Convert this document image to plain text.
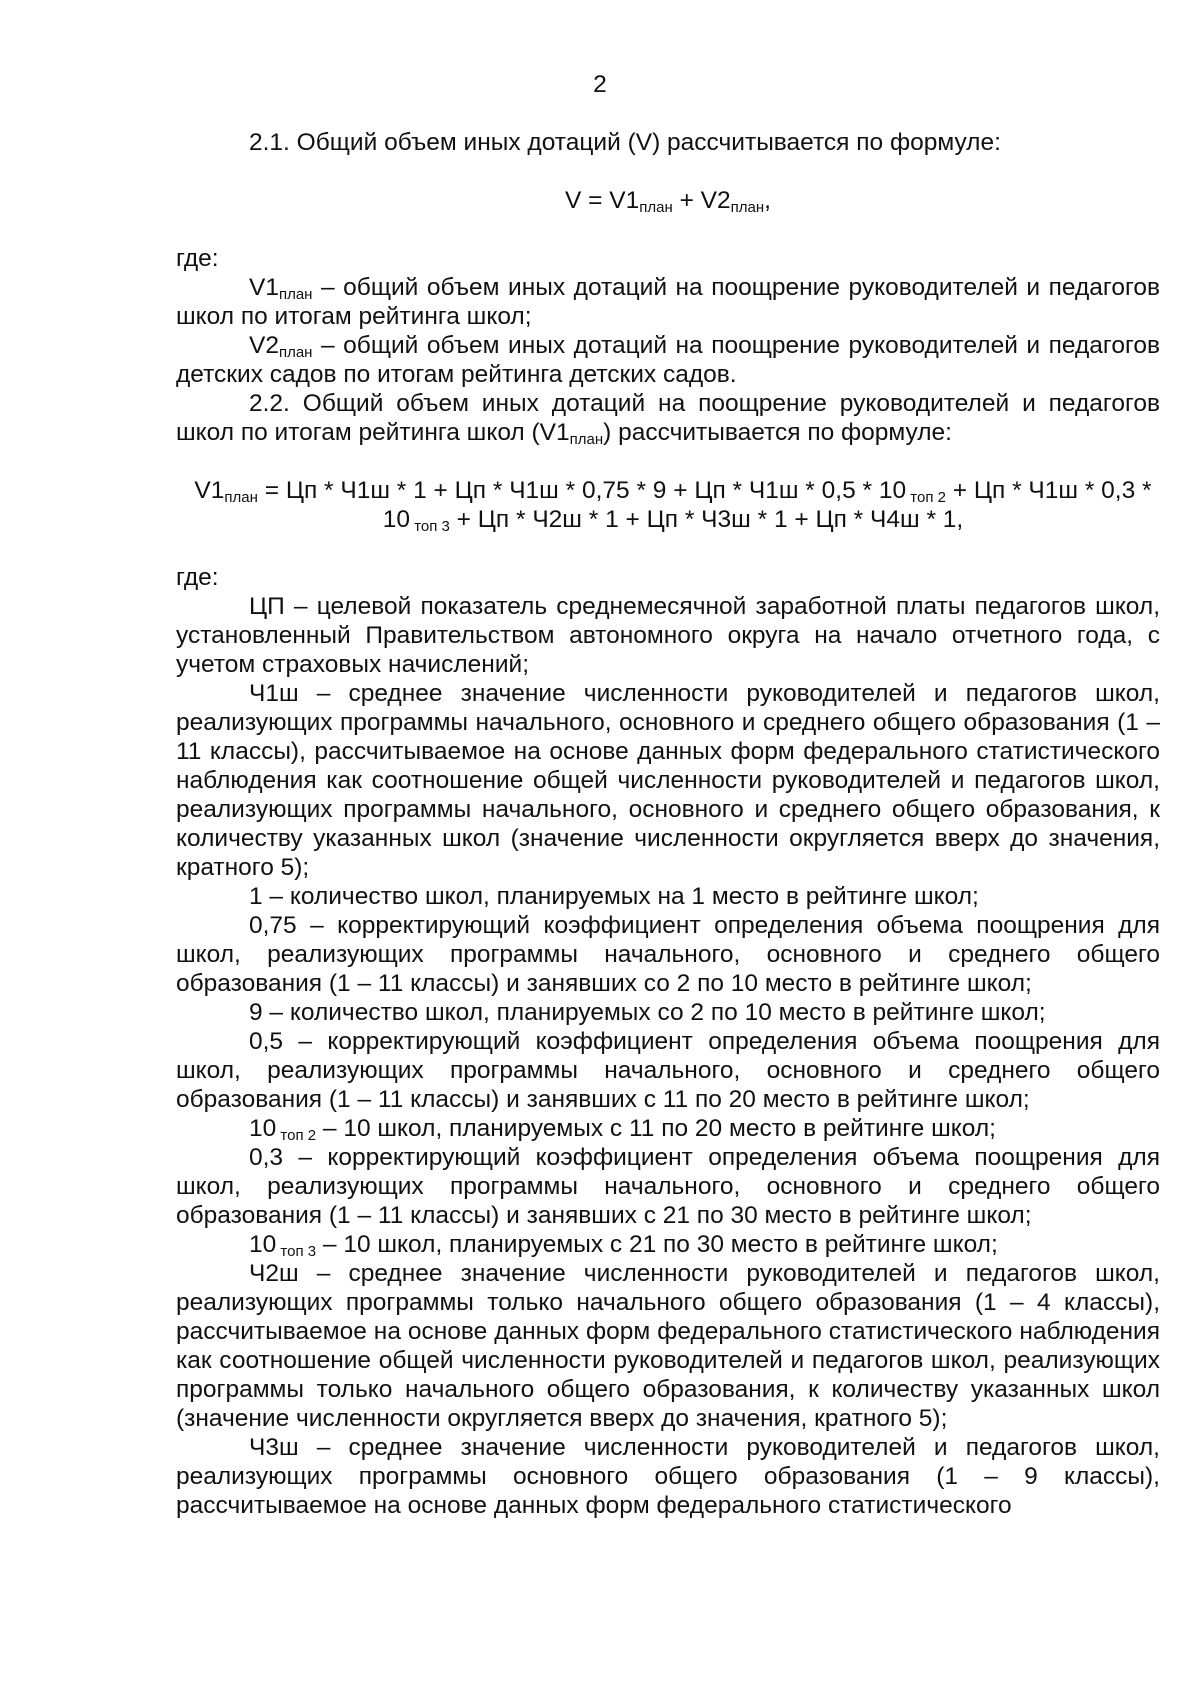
2

2.1. Общий объем иных дотаций (V) рассчитывается по формуле:

$V = V1_{план} + V2_{план}$,

где:

$V1_{план}$ – общий объем иных дотаций на поощрение руководителей и педагогов школ по итогам рейтинга школ;

$V2_{план}$ – общий объем иных дотаций на поощрение руководителей и педагогов детских садов по итогам рейтинга детских садов.

2.2. Общий объем иных дотаций на поощрение руководителей и педагогов школ по итогам рейтинга школ $(V1_{план})$ рассчитывается по формуле:

$V1_{план}$ = Цп * Ч1ш * 1 + Цп * Ч1ш * 0,75 * 9 + Цп * Ч1ш * 0,5 * 10 $_{топ 2}$ + Цп * Ч1ш * 0,3 * 10 $_{топ 3}$ + Цп * Ч2ш * 1 + Цп * Ч3ш * 1 + Цп * Ч4ш * 1,

где:

ЦП – целевой показатель среднемесячной заработной платы педагогов школ, установленный Правительством автономного округа на начало отчетного года, с учетом страховых начислений;

Ч1ш – среднее значение численности руководителей и педагогов школ, реализующих программы начального, основного и среднего общего образования (1 – 11 классы), рассчитываемое на основе данных форм федерального статистического наблюдения как соотношение общей численности руководителей и педагогов школ, реализующих программы начального, основного и среднего общего образования, к количеству указанных школ (значение численности округляется вверх до значения, кратного 5);

1 – количество школ, планируемых на 1 место в рейтинге школ;

0,75 – корректирующий коэффициент определения объема поощрения для школ, реализующих программы начального, основного и среднего общего образования (1 – 11 классы) и занявших со 2 по 10 место в рейтинге школ;

9 – количество школ, планируемых со 2 по 10 место в рейтинге школ;

0,5 – корректирующий коэффициент определения объема поощрения для школ, реализующих программы начального, основного и среднего общего образования (1 – 11 классы) и занявших с 11 по 20 место в рейтинге школ;

10 $_{топ 2}$ – 10 школ, планируемых с 11 по 20 место в рейтинге школ;

0,3 – корректирующий коэффициент определения объема поощрения для школ, реализующих программы начального, основного и среднего общего образования (1 – 11 классы) и занявших с 21 по 30 место в рейтинге школ;

10 $_{топ 3}$ – 10 школ, планируемых с 21 по 30 место в рейтинге школ;

Ч2ш – среднее значение численности руководителей и педагогов школ, реализующих программы только начального общего образования (1 – 4 классы), рассчитываемое на основе данных форм федерального статистического наблюдения как соотношение общей численности руководителей и педагогов школ, реализующих программы только начального общего образования, к количеству указанных школ (значение численности округляется вверх до значения, кратного 5);

Ч3ш – среднее значение численности руководителей и педагогов школ, реализующих программы основного общего образования (1 – 9 классы), рассчитываемое на основе данных форм федерального статистического
